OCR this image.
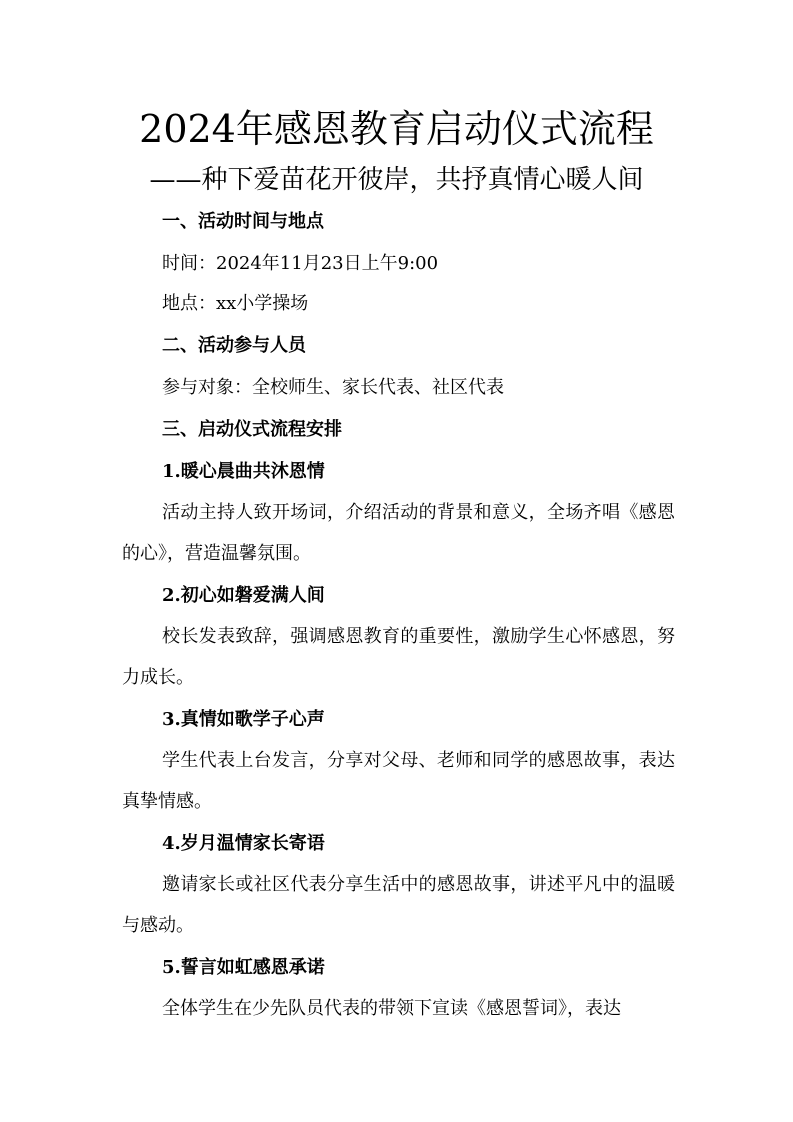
2024年感恩教育启动仪式流程
——种下爱苗花开彼岸，共抒真情心暖人间
一、活动时间与地点
时间：2024年11月23日上午9:00
地点：xx小学操场
二、活动参与人员
参与对象：全校师生、家长代表、社区代表
三、启动仪式流程安排
1.暖心晨曲共沐恩情
活动主持人致开场词，介绍活动的背景和意义，全场齐唱《感恩的心》，营造温馨氛围。
2.初心如磐爱满人间
校长发表致辞，强调感恩教育的重要性，激励学生心怀感恩，努力成长。
3.真情如歌学子心声
学生代表上台发言，分享对父母、老师和同学的感恩故事，表达真挚情感。
4.岁月温情家长寄语
邀请家长或社区代表分享生活中的感恩故事，讲述平凡中的温暖与感动。
5.誓言如虹感恩承诺
全体学生在少先队员代表的带领下宣读《感恩誓词》，表达
